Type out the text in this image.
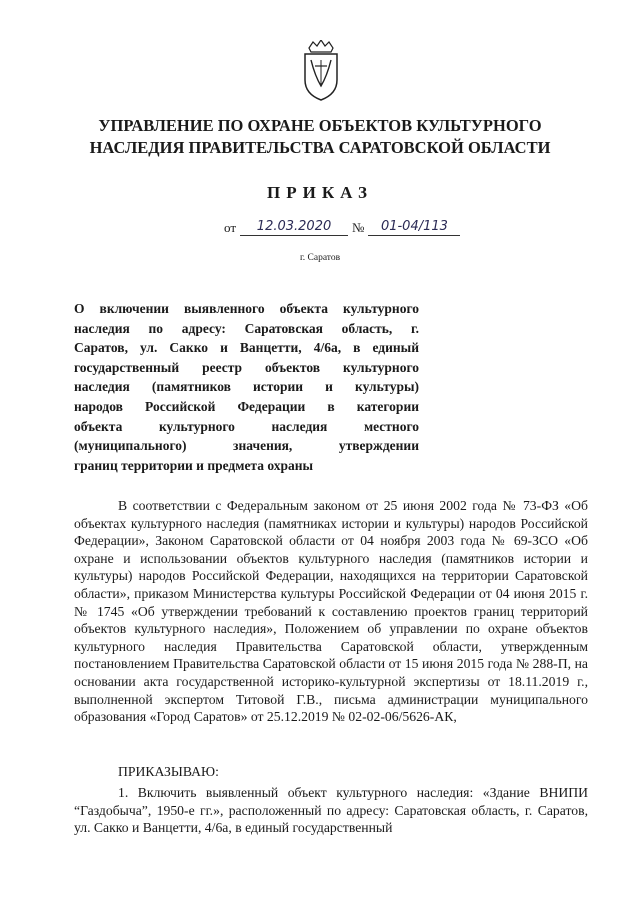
УПРАВЛЕНИЕ ПО ОХРАНЕ ОБЪЕКТОВ КУЛЬТУРНОГО
НАСЛЕДИЯ ПРАВИТЕЛЬСТВА САРАТОВСКОЙ ОБЛАСТИ
ПРИКАЗ
от	12.03.2020	№	01-04/113
г. Саратов
О включении выявленного объекта культурного
наследия по адресу: Саратовская область, г.
Саратов, ул. Сакко и Ванцетти, 4/6а, в единый
государственный реестр объектов культурного
наследия (памятников истории и культуры)
народов Российской Федерации в категории
объекта культурного наследия местного
(муниципального) значения, утверждении
границ территории и предмета охраны
В соответствии с Федеральным законом от 25 июня 2002 года № 73-ФЗ «Об объектах культурного наследия (памятниках истории и культуры) народов Российской Федерации», Законом Саратовской области от 04 ноября 2003 года № 69-ЗСО «Об охране и использовании объектов культурного наследия (памятников истории и культуры) народов Российской Федерации, находящихся на территории Саратовской области», приказом Министерства культуры Российской Федерации от 04 июня 2015 г. № 1745 «Об утверждении требований к составлению проектов границ территорий объектов культурного наследия», Положением об управлении по охране объектов культурного наследия Правительства Саратовской области, утвержденным постановлением Правительства Саратовской области от 15 июня 2015 года № 288-П, на основании акта государственной историко-культурной экспертизы от 18.11.2019 г., выполненной экспертом Титовой Г.В., письма администрации муниципального образования «Город Саратов» от 25.12.2019 № 02-02-06/5626-АК,
ПРИКАЗЫВАЮ:
1. Включить выявленный объект культурного наследия: «Здание ВНИПИ “Газдобыча”, 1950-е гг.», расположенный по адресу: Саратовская область, г. Саратов, ул. Сакко и Ванцетти, 4/6а, в единый государственный
